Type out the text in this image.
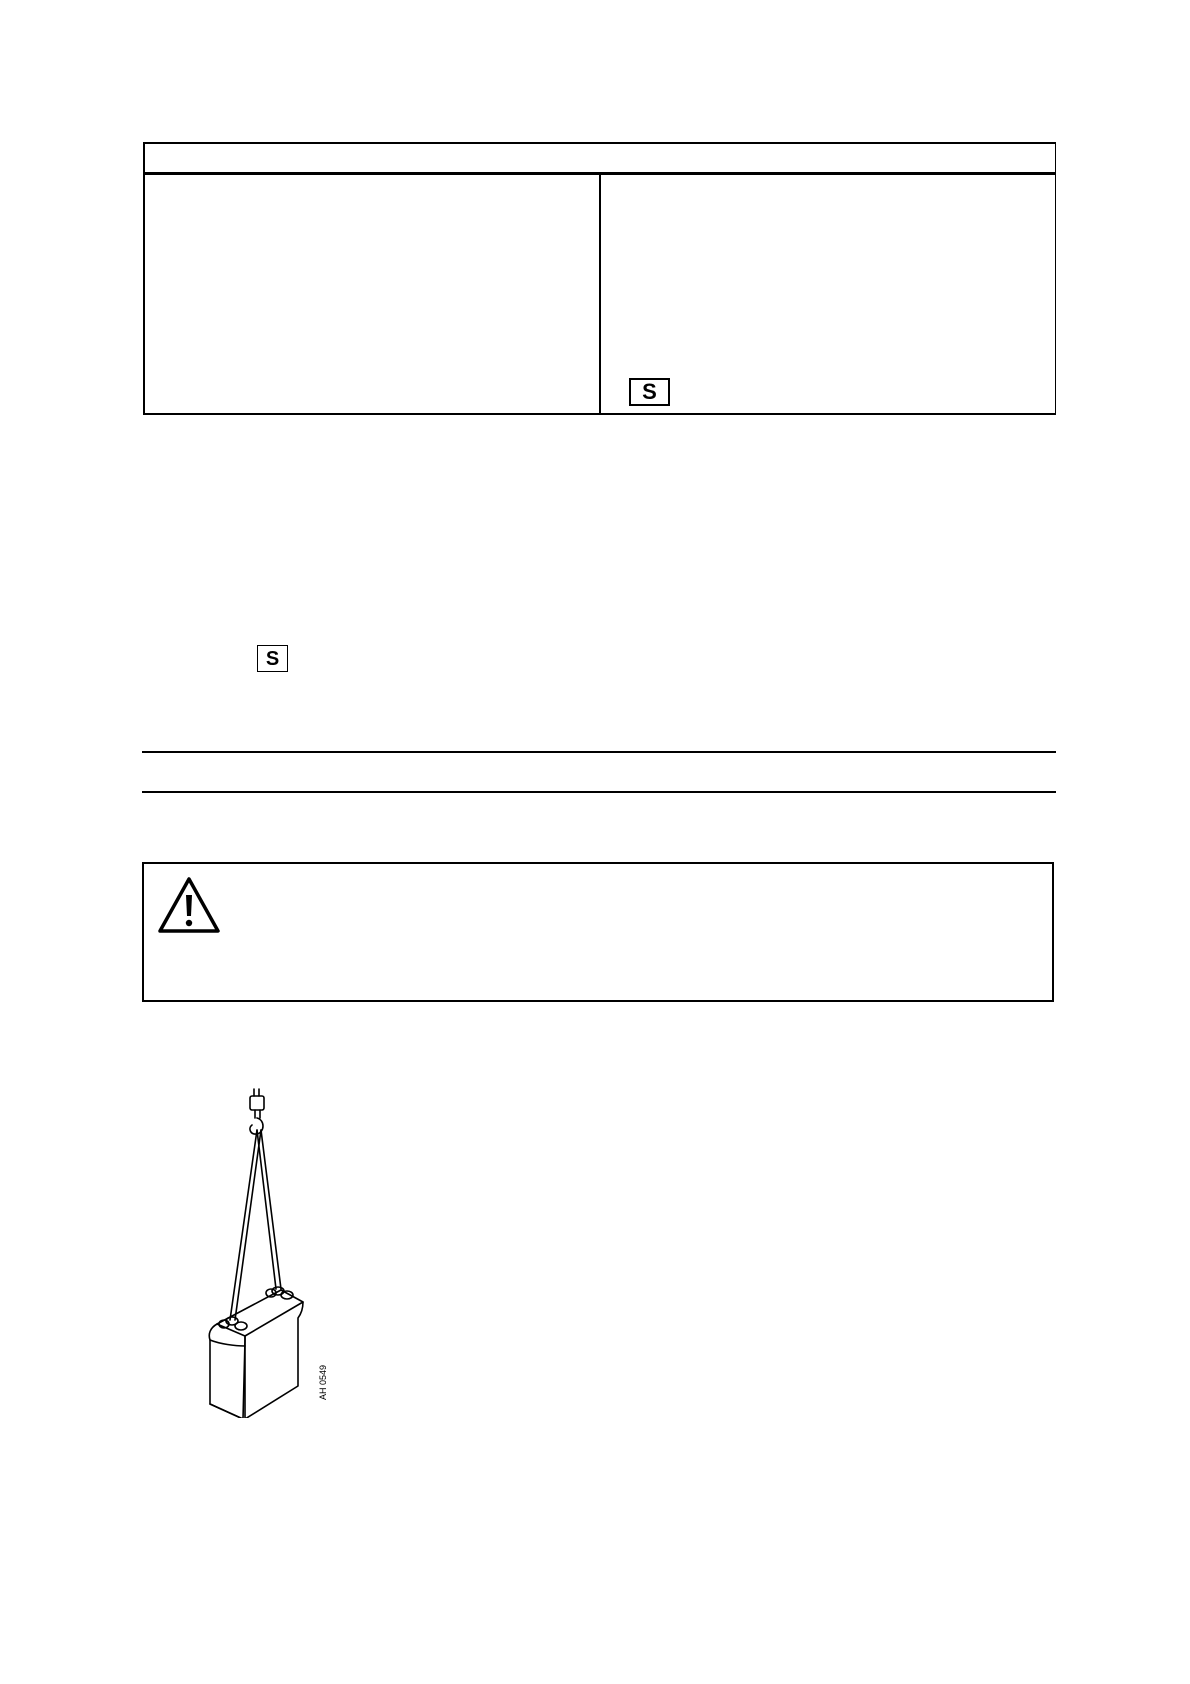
S
S
AH 0549
